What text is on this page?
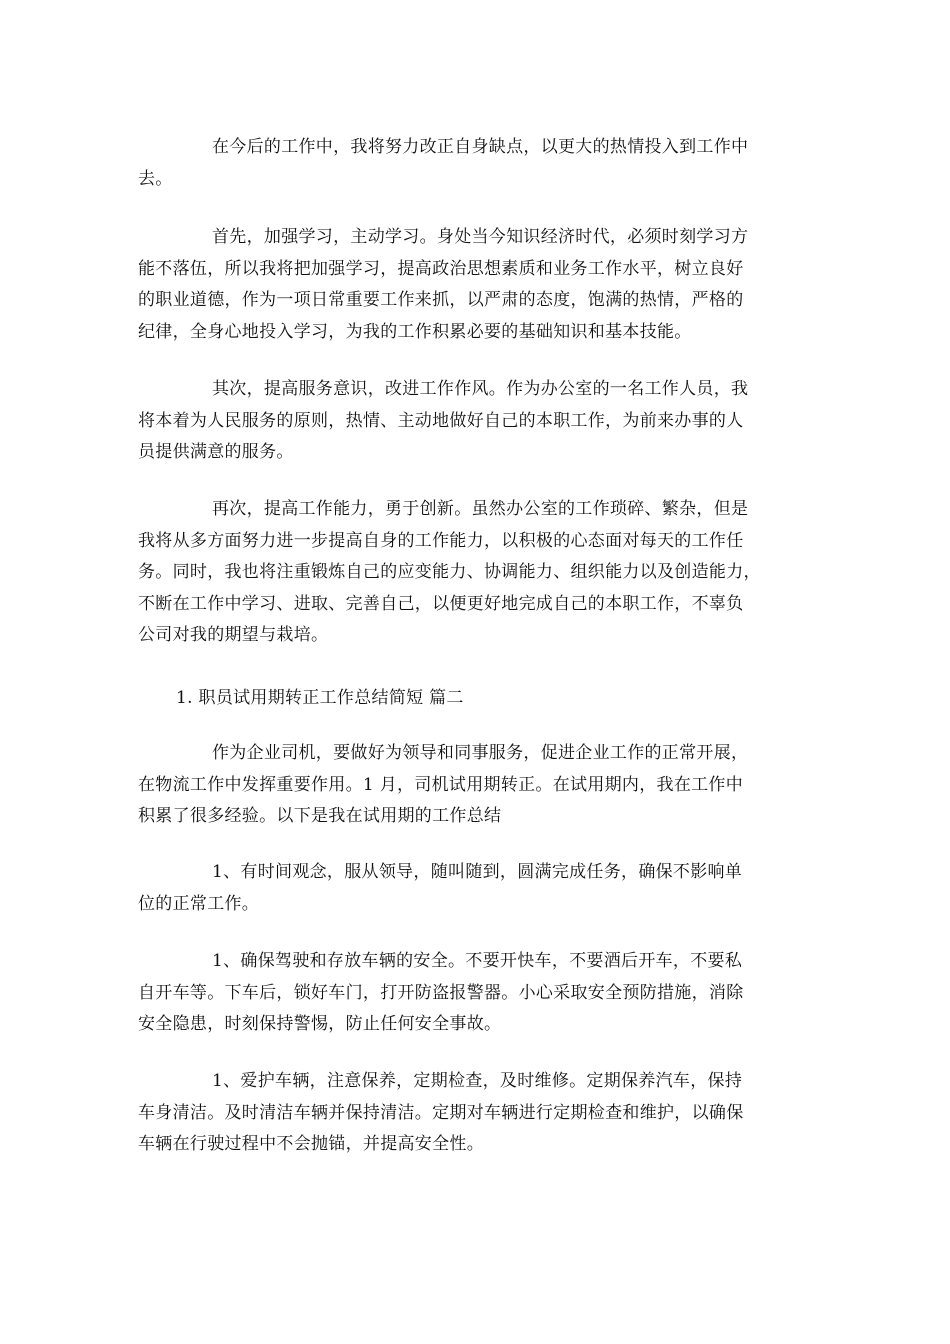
在今后的工作中，我将努力改正自身缺点，以更大的热情投入到工作中
去。

首先，加强学习，主动学习。身处当今知识经济时代，必须时刻学习方
能不落伍，所以我将把加强学习，提高政治思想素质和业务工作水平，树立良好
的职业道德，作为一项日常重要工作来抓，以严肃的态度，饱满的热情，严格的
纪律，全身心地投入学习，为我的工作积累必要的基础知识和基本技能。

其次，提高服务意识，改进工作作风。作为办公室的一名工作人员，我
将本着为人民服务的原则，热情、主动地做好自己的本职工作，为前来办事的人
员提供满意的服务。

再次，提高工作能力，勇于创新。虽然办公室的工作琐碎、繁杂，但是
我将从多方面努力进一步提高自身的工作能力，以积极的心态面对每天的工作任
务。同时，我也将注重锻炼自己的应变能力、协调能力、组织能力以及创造能力，
不断在工作中学习、进取、完善自己，以便更好地完成自己的本职工作，不辜负
公司对我的期望与栽培。

1. 职员试用期转正工作总结简短 篇二

作为企业司机，要做好为领导和同事服务，促进企业工作的正常开展，
在物流工作中发挥重要作用。1 月，司机试用期转正。在试用期内，我在工作中
积累了很多经验。以下是我在试用期的工作总结

1、有时间观念，服从领导，随叫随到，圆满完成任务，确保不影响单
位的正常工作。

1、确保驾驶和存放车辆的安全。不要开快车，不要酒后开车，不要私
自开车等。下车后，锁好车门，打开防盗报警器。小心采取安全预防措施，消除
安全隐患，时刻保持警惕，防止任何安全事故。

1、爱护车辆，注意保养，定期检查，及时维修。定期保养汽车，保持
车身清洁。及时清洁车辆并保持清洁。定期对车辆进行定期检查和维护，以确保
车辆在行驶过程中不会抛锚，并提高安全性。
